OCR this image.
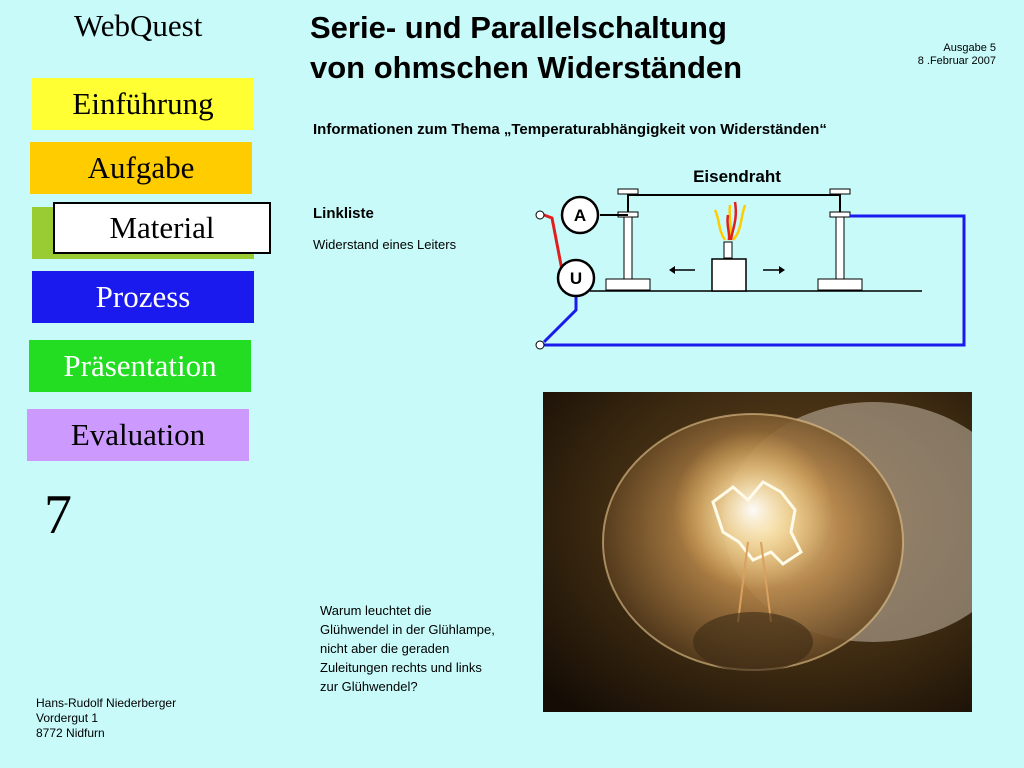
WebQuest	Serie- und Parallelschaltung
von ohmschen Widerständen
Ausgabe 5
8 .Februar 2007
Einführung
Aufgabe
Material
Prozess
Präsentation
Evaluation
7
Hans-Rudolf Niederberger
Vordergut 1
8772 Nidfurn
Informationen zum Thema „Temperaturabhängigkeit von Widerständen“
Linkliste
Widerstand eines Leiters
Eisendraht
A
U
Warum leuchtet die
Glühwendel in der Glühlampe,
nicht aber die geraden
Zuleitungen rechts und links
zur Glühwendel?
